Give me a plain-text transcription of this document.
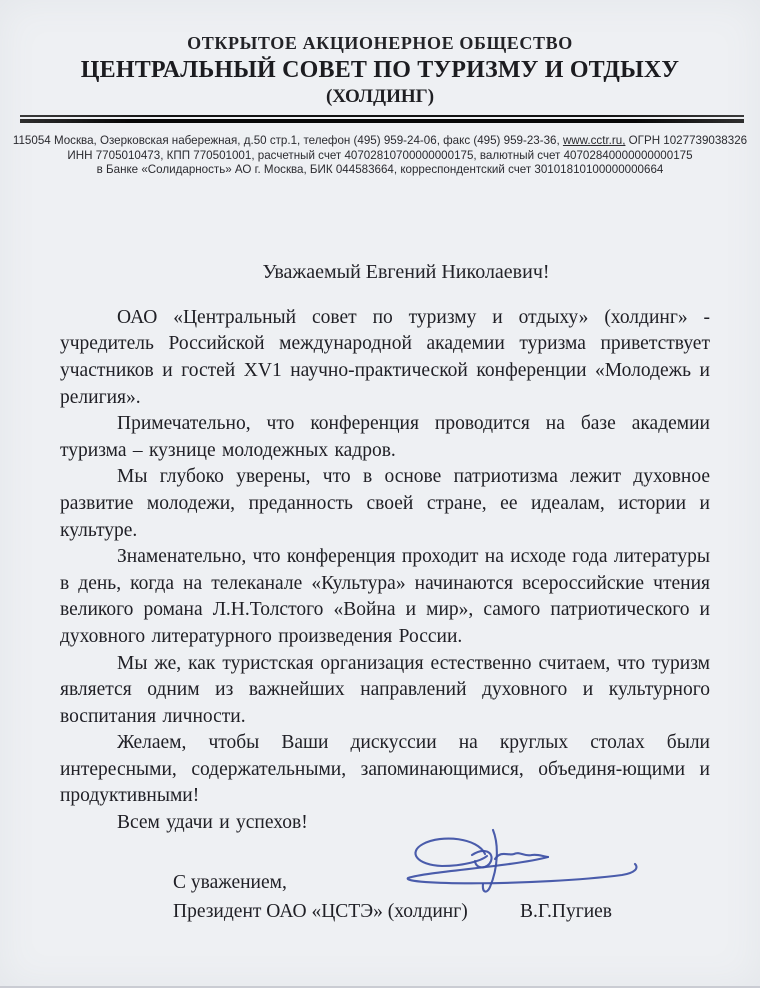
ОТКРЫТОЕ АКЦИОНЕРНОЕ ОБЩЕСТВО
ЦЕНТРАЛЬНЫЙ СОВЕТ ПО ТУРИЗМУ И ОТДЫХУ
(ХОЛДИНГ)
115054 Москва, Озерковская набережная, д.50 стр.1, телефон (495) 959-24-06, факс (495) 959-23-36, www.cctr.ru, ОГРН 1027739038326
ИНН 7705010473, КПП 770501001, расчетный счет 40702810700000000175, валютный счет 40702840000000000175
в Банке «Солидарность» АО г. Москва, БИК 044583664, корреспондентский счет 30101810100000000664
Уважаемый Евгений Николаевич!

ОАО «Центральный совет по туризму и отдыху» (холдинг» - учредитель Российской международной академии туризма приветствует участников и гостей XV1 научно-практической конференции «Молодежь и религия».

Примечательно, что конференция проводится на базе академии туризма – кузнице молодежных кадров.

Мы глубоко уверены, что в основе патриотизма лежит духовное развитие молодежи, преданность своей стране, ее идеалам, истории и культуре.

Знаменательно, что конференция проходит на исходе года литературы в день, когда на телеканале «Культура» начинаются всероссийские чтения великого романа Л.Н.Толстого «Война и мир», самого патриотического и духовного литературного произведения России.

Мы же, как туристская организация естественно считаем, что туризм является одним из важнейших направлений духовного и культурного воспитания личности.

Желаем, чтобы Ваши дискуссии на круглых столах были интересными, содержательными, запоминающимися, объединя-ющими и продуктивными!

Всем удачи и успехов!

С уважением,
Президент ОАО «ЦСТЭ» (холдинг)	В.Г.Пугиев
